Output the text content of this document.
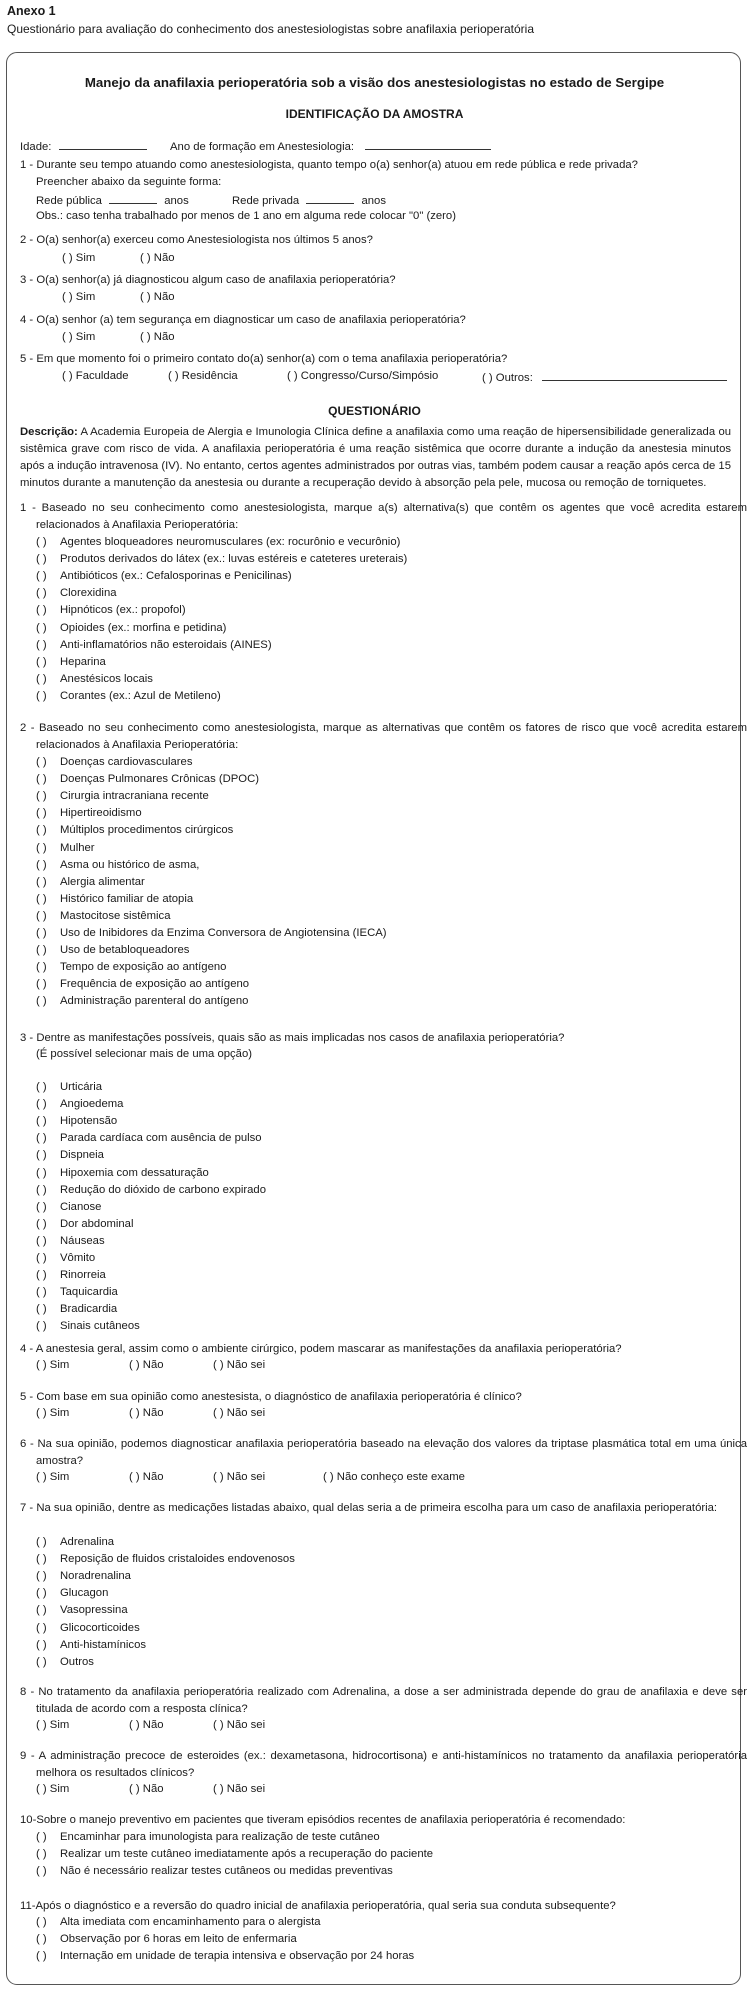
Anexo 1
Questionário para avaliação do conhecimento dos anestesiologistas sobre anafilaxia perioperatória
Manejo da anafilaxia perioperatória sob a visão dos anestesiologistas no estado de Sergipe
IDENTIFICAÇÃO DA AMOSTRA
Idade:	Ano de formação em Anestesiologia:
1 - Durante seu tempo atuando como anestesiologista, quanto tempo o(a) senhor(a) atuou em rede pública e rede privada?
Preencher abaixo da seguinte forma:
Rede pública	anos	Rede privada	anos
Obs.: caso tenha trabalhado por menos de 1 ano em alguma rede colocar "0" (zero)
2 - O(a) senhor(a) exerceu como Anestesiologista nos últimos 5 anos?
( ) Sim	( ) Não
3 - O(a) senhor(a) já diagnosticou algum caso de anafilaxia perioperatória?
( ) Sim	( ) Não
4 - O(a) senhor (a) tem segurança em diagnosticar um caso de anafilaxia perioperatória?
( ) Sim	( ) Não
5 - Em que momento foi o primeiro contato do(a) senhor(a) com o tema anafilaxia perioperatória?
( ) Faculdade	( ) Residência	( ) Congresso/Curso/Simpósio	( ) Outros:
QUESTIONÁRIO
Descrição: A Academia Europeia de Alergia e Imunologia Clínica define a anafilaxia como uma reação de hipersensibilidade generalizada ou sistêmica grave com risco de vida. A anafilaxia perioperatória é uma reação sistêmica que ocorre durante a indução da anestesia minutos após a indução intravenosa (IV). No entanto, certos agentes administrados por outras vias, também podem causar a reação após cerca de 15 minutos durante a manutenção da anestesia ou durante a recuperação devido à absorção pela pele, mucosa ou remoção de torniquetes.
1 - Baseado no seu conhecimento como anestesiologista, marque a(s) alternativa(s) que contêm os agentes que você acredita estarem relacionados à Anafilaxia Perioperatória:
( ) Agentes bloqueadores neuromusculares (ex: rocurônio e vecurônio)
( ) Produtos derivados do látex (ex.: luvas estéreis e cateteres ureterais)
( ) Antibióticos (ex.: Cefalosporinas e Penicilinas)
( ) Clorexidina
( ) Hipnóticos (ex.: propofol)
( ) Opioides (ex.: morfina e petidina)
( ) Anti-inflamatórios não esteroidais (AINES)
( ) Heparina
( ) Anestésicos locais
( ) Corantes (ex.: Azul de Metileno)
2 - Baseado no seu conhecimento como anestesiologista, marque as alternativas que contêm os fatores de risco que você acredita estarem relacionados à Anafilaxia Perioperatória:
( ) Doenças cardiovasculares
( ) Doenças Pulmonares Crônicas (DPOC)
( ) Cirurgia intracraniana recente
( ) Hipertireoidismo
( ) Múltiplos procedimentos cirúrgicos
( ) Mulher
( ) Asma ou histórico de asma,
( ) Alergia alimentar
( ) Histórico familiar de atopia
( ) Mastocitose sistêmica
( ) Uso de Inibidores da Enzima Conversora de Angiotensina (IECA)
( ) Uso de betabloqueadores
( ) Tempo de exposição ao antígeno
( ) Frequência de exposição ao antígeno
( ) Administração parenteral do antígeno
3 - Dentre as manifestações possíveis, quais são as mais implicadas nos casos de anafilaxia perioperatória?
(É possível selecionar mais de uma opção)
( ) Urticária
( ) Angioedema
( ) Hipotensão
( ) Parada cardíaca com ausência de pulso
( ) Dispneia
( ) Hipoxemia com dessaturação
( ) Redução do dióxido de carbono expirado
( ) Cianose
( ) Dor abdominal
( ) Náuseas
( ) Vômito
( ) Rinorreia
( ) Taquicardia
( ) Bradicardia
( ) Sinais cutâneos
4 - A anestesia geral, assim como o ambiente cirúrgico, podem mascarar as manifestações da anafilaxia perioperatória?
( ) Sim	( ) Não	( ) Não sei
5 - Com base em sua opinião como anestesista, o diagnóstico de anafilaxia perioperatória é clínico?
( ) Sim	( ) Não	( ) Não sei
6 - Na sua opinião, podemos diagnosticar anafilaxia perioperatória baseado na elevação dos valores da triptase plasmática total em uma única amostra?
( ) Sim	( ) Não	( ) Não sei	( ) Não conheço este exame
7 - Na sua opinião, dentre as medicações listadas abaixo, qual delas seria a de primeira escolha para um caso de anafilaxia perioperatória:
( ) Adrenalina
( ) Reposição de fluidos cristaloides endovenosos
( ) Noradrenalina
( ) Glucagon
( ) Vasopressina
( ) Glicocorticoides
( ) Anti-histamínicos
( ) Outros
8 - No tratamento da anafilaxia perioperatória realizado com Adrenalina, a dose a ser administrada depende do grau de anafilaxia e deve ser titulada de acordo com a resposta clínica?
( ) Sim	( ) Não	( ) Não sei
9 - A administração precoce de esteroides (ex.: dexametasona, hidrocortisona) e anti-histamínicos no tratamento da anafilaxia perioperatória melhora os resultados clínicos?
( ) Sim	( ) Não	( ) Não sei
10-Sobre o manejo preventivo em pacientes que tiveram episódios recentes de anafilaxia perioperatória é recomendado:
( ) Encaminhar para imunologista para realização de teste cutâneo
( ) Realizar um teste cutâneo imediatamente após a recuperação do paciente
( ) Não é necessário realizar testes cutâneos ou medidas preventivas
11-Após o diagnóstico e a reversão do quadro inicial de anafilaxia perioperatória, qual seria sua conduta subsequente?
( ) Alta imediata com encaminhamento para o alergista
( ) Observação por 6 horas em leito de enfermaria
( ) Internação em unidade de terapia intensiva e observação por 24 horas
